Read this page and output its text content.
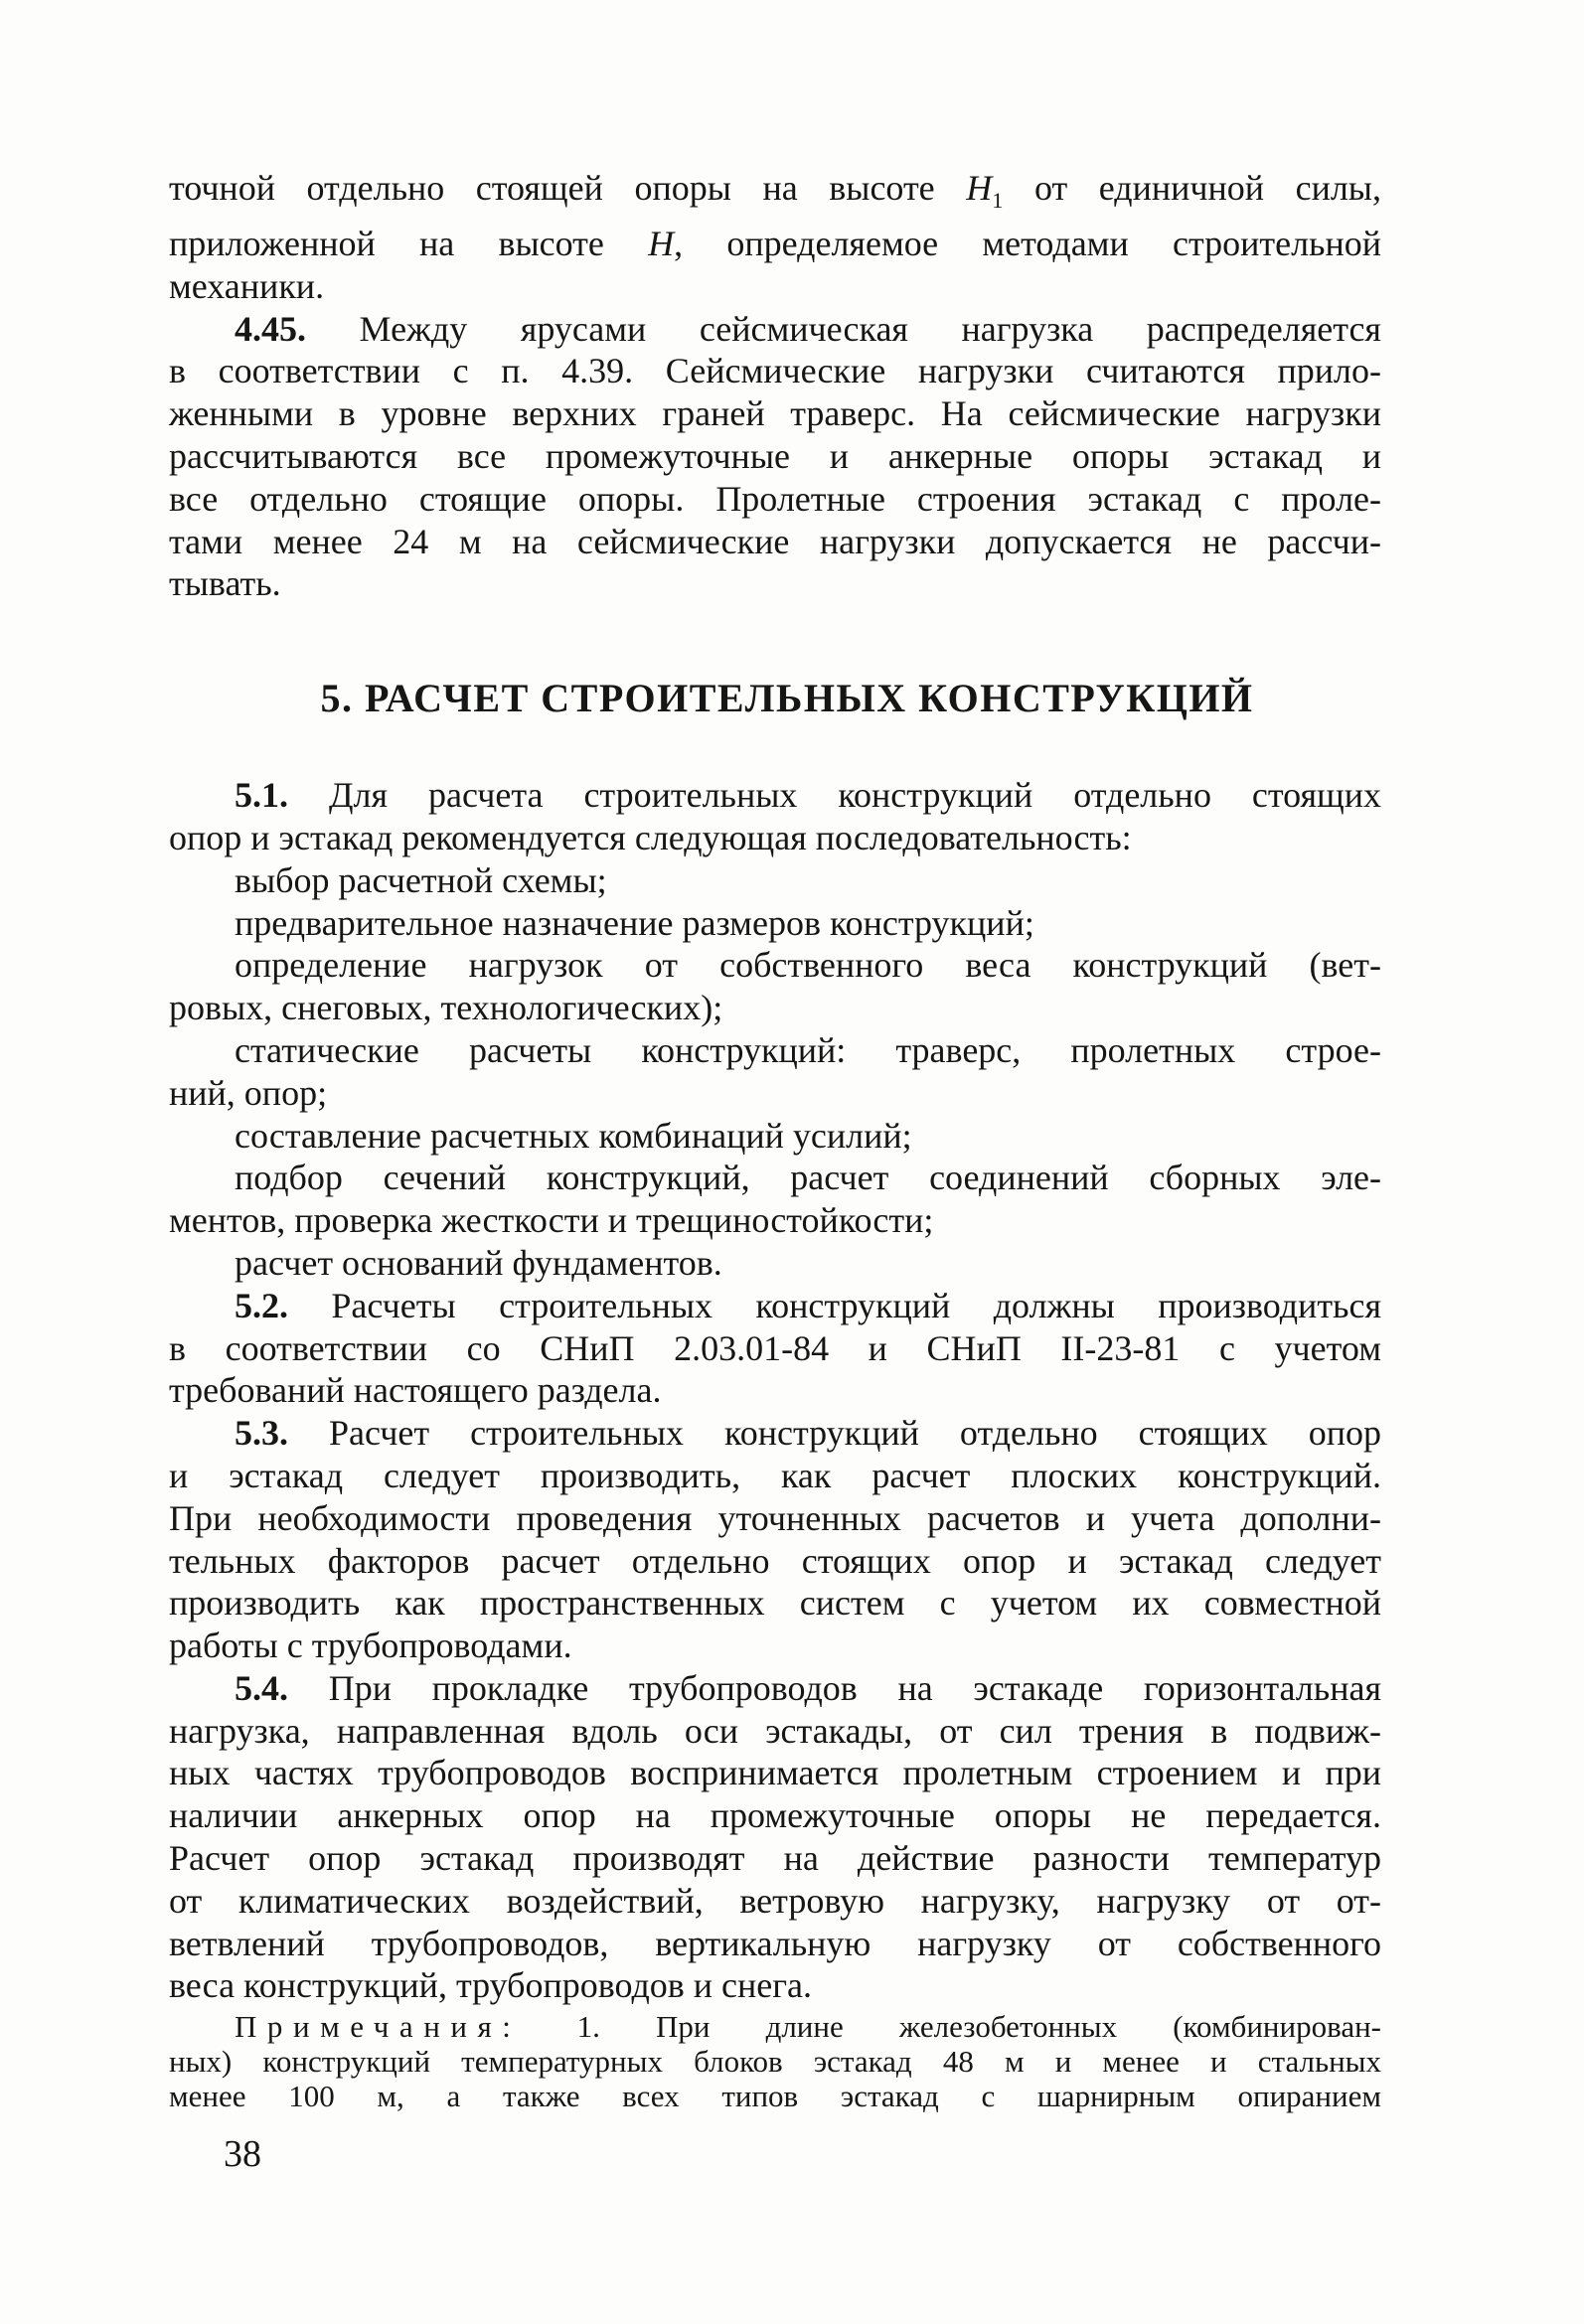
точной отдельно стоящей опоры на высоте $H_1$ от единичной силы,
приложенной на высоте H, определяемое методами строительной
механики.
4.45. Между ярусами сейсмическая нагрузка распределяется
в соответствии с п. 4.39. Сейсмические нагрузки считаются прило-
женными в уровне верхних граней траверс. На сейсмические нагрузки
рассчитываются все промежуточные и анкерные опоры эстакад и
все отдельно стоящие опоры. Пролетные строения эстакад с проле-
тами менее 24 м на сейсмические нагрузки допускается не рассчи-
тывать.
5. РАСЧЕТ СТРОИТЕЛЬНЫХ КОНСТРУКЦИЙ
5.1. Для расчета строительных конструкций отдельно стоящих
опор и эстакад рекомендуется следующая последовательность:
выбор расчетной схемы;
предварительное назначение размеров конструкций;
определение нагрузок от собственного веса конструкций (вет-
ровых, снеговых, технологических);
статические расчеты конструкций: траверс, пролетных строе-
ний, опор;
составление расчетных комбинаций усилий;
подбор сечений конструкций, расчет соединений сборных эле-
ментов, проверка жесткости и трещиностойкости;
расчет оснований фундаментов.
5.2. Расчеты строительных конструкций должны производиться
в соответствии со СНиП 2.03.01-84 и СНиП II-23-81 с учетом
требований настоящего раздела.
5.3. Расчет строительных конструкций отдельно стоящих опор
и эстакад следует производить, как расчет плоских конструкций.
При необходимости проведения уточненных расчетов и учета дополни-
тельных факторов расчет отдельно стоящих опор и эстакад следует
производить как пространственных систем с учетом их совместной
работы с трубопроводами.
5.4. При прокладке трубопроводов на эстакаде горизонтальная
нагрузка, направленная вдоль оси эстакады, от сил трения в подвиж-
ных частях трубопроводов воспринимается пролетным строением и при
наличии анкерных опор на промежуточные опоры не передается.
Расчет опор эстакад производят на действие разности температур
от климатических воздействий, ветровую нагрузку, нагрузку от от-
ветвлений трубопроводов, вертикальную нагрузку от собственного
веса конструкций, трубопроводов и снега.
Примечания: 1. При длине железобетонных (комбинирован-
ных) конструкций температурных блоков эстакад 48 м и менее и стальных
менее 100 м, а также всех типов эстакад с шарнирным опиранием
38
